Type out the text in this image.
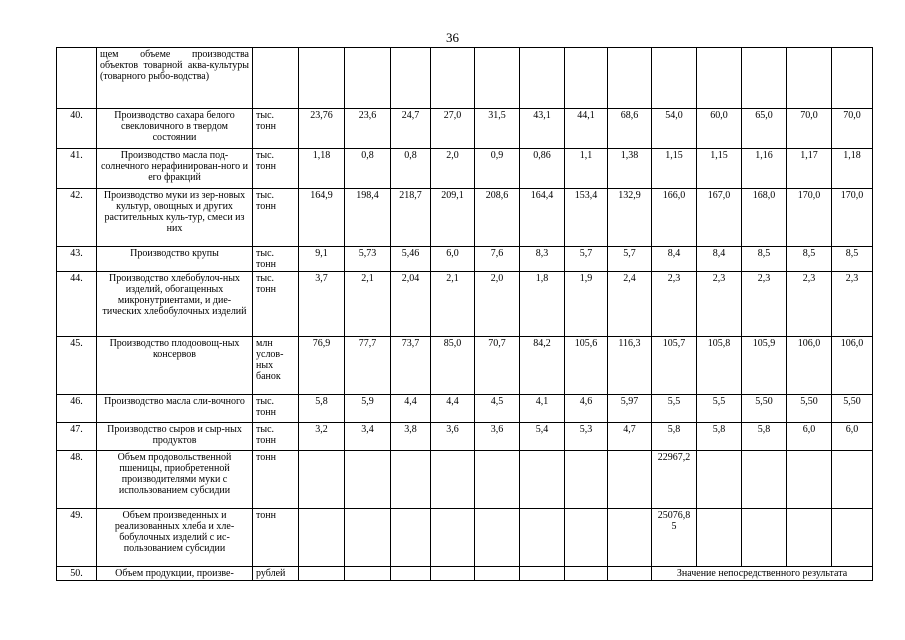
36
	щем объеме производства объектов товарной аква-культуры (товарного рыбо-водства)														
40.	Производство сахара белого свекловичного в твердом состоянии	тыс. тонн	23,76	23,6	24,7	27,0	31,5	43,1	44,1	68,6	54,0	60,0	65,0	70,0	70,0
41.	Производство масла под-солнечного нерафинирован-ного и его фракций	тыс. тонн	1,18	0,8	0,8	2,0	0,9	0,86	1,1	1,38	1,15	1,15	1,16	1,17	1,18
42.	Производство муки из зер-новых культур, овощных и других растительных куль-тур, смеси из них	тыс. тонн	164,9	198,4	218,7	209,1	208,6	164,4	153,4	132,9	166,0	167,0	168,0	170,0	170,0
43.	Производство крупы	тыс. тонн	9,1	5,73	5,46	6,0	7,6	8,3	5,7	5,7	8,4	8,4	8,5	8,5	8,5
44.	Производство хлебобулоч-ных изделий, обогащенных микронутриентами, и дие-тических хлебобулочных изделий	тыс. тонн	3,7	2,1	2,04	2,1	2,0	1,8	1,9	2,4	2,3	2,3	2,3	2,3	2,3
45.	Производство плодоовощ-ных консервов	млн услов-ных банок	76,9	77,7	73,7	85,0	70,7	84,2	105,6	116,3	105,7	105,8	105,9	106,0	106,0
46.	Производство масла сли-вочного	тыс. тонн	5,8	5,9	4,4	4,4	4,5	4,1	4,6	5,97	5,5	5,5	5,50	5,50	5,50
47.	Производство сыров и сыр-ных продуктов	тыс. тонн	3,2	3,4	3,8	3,6	3,6	5,4	5,3	4,7	5,8	5,8	5,8	6,0	6,0
48.	Объем продовольственной пшеницы, приобретенной производителями муки с использованием субсидии	тонн									22967,2				
49.	Объем произведенных и реализованных хлеба и хле-бобулочных изделий с ис-пользованием субсидии	тонн									25076,8 5				
50.	Объем продукции, произве-	рублей									Значение непосредственного результата				
